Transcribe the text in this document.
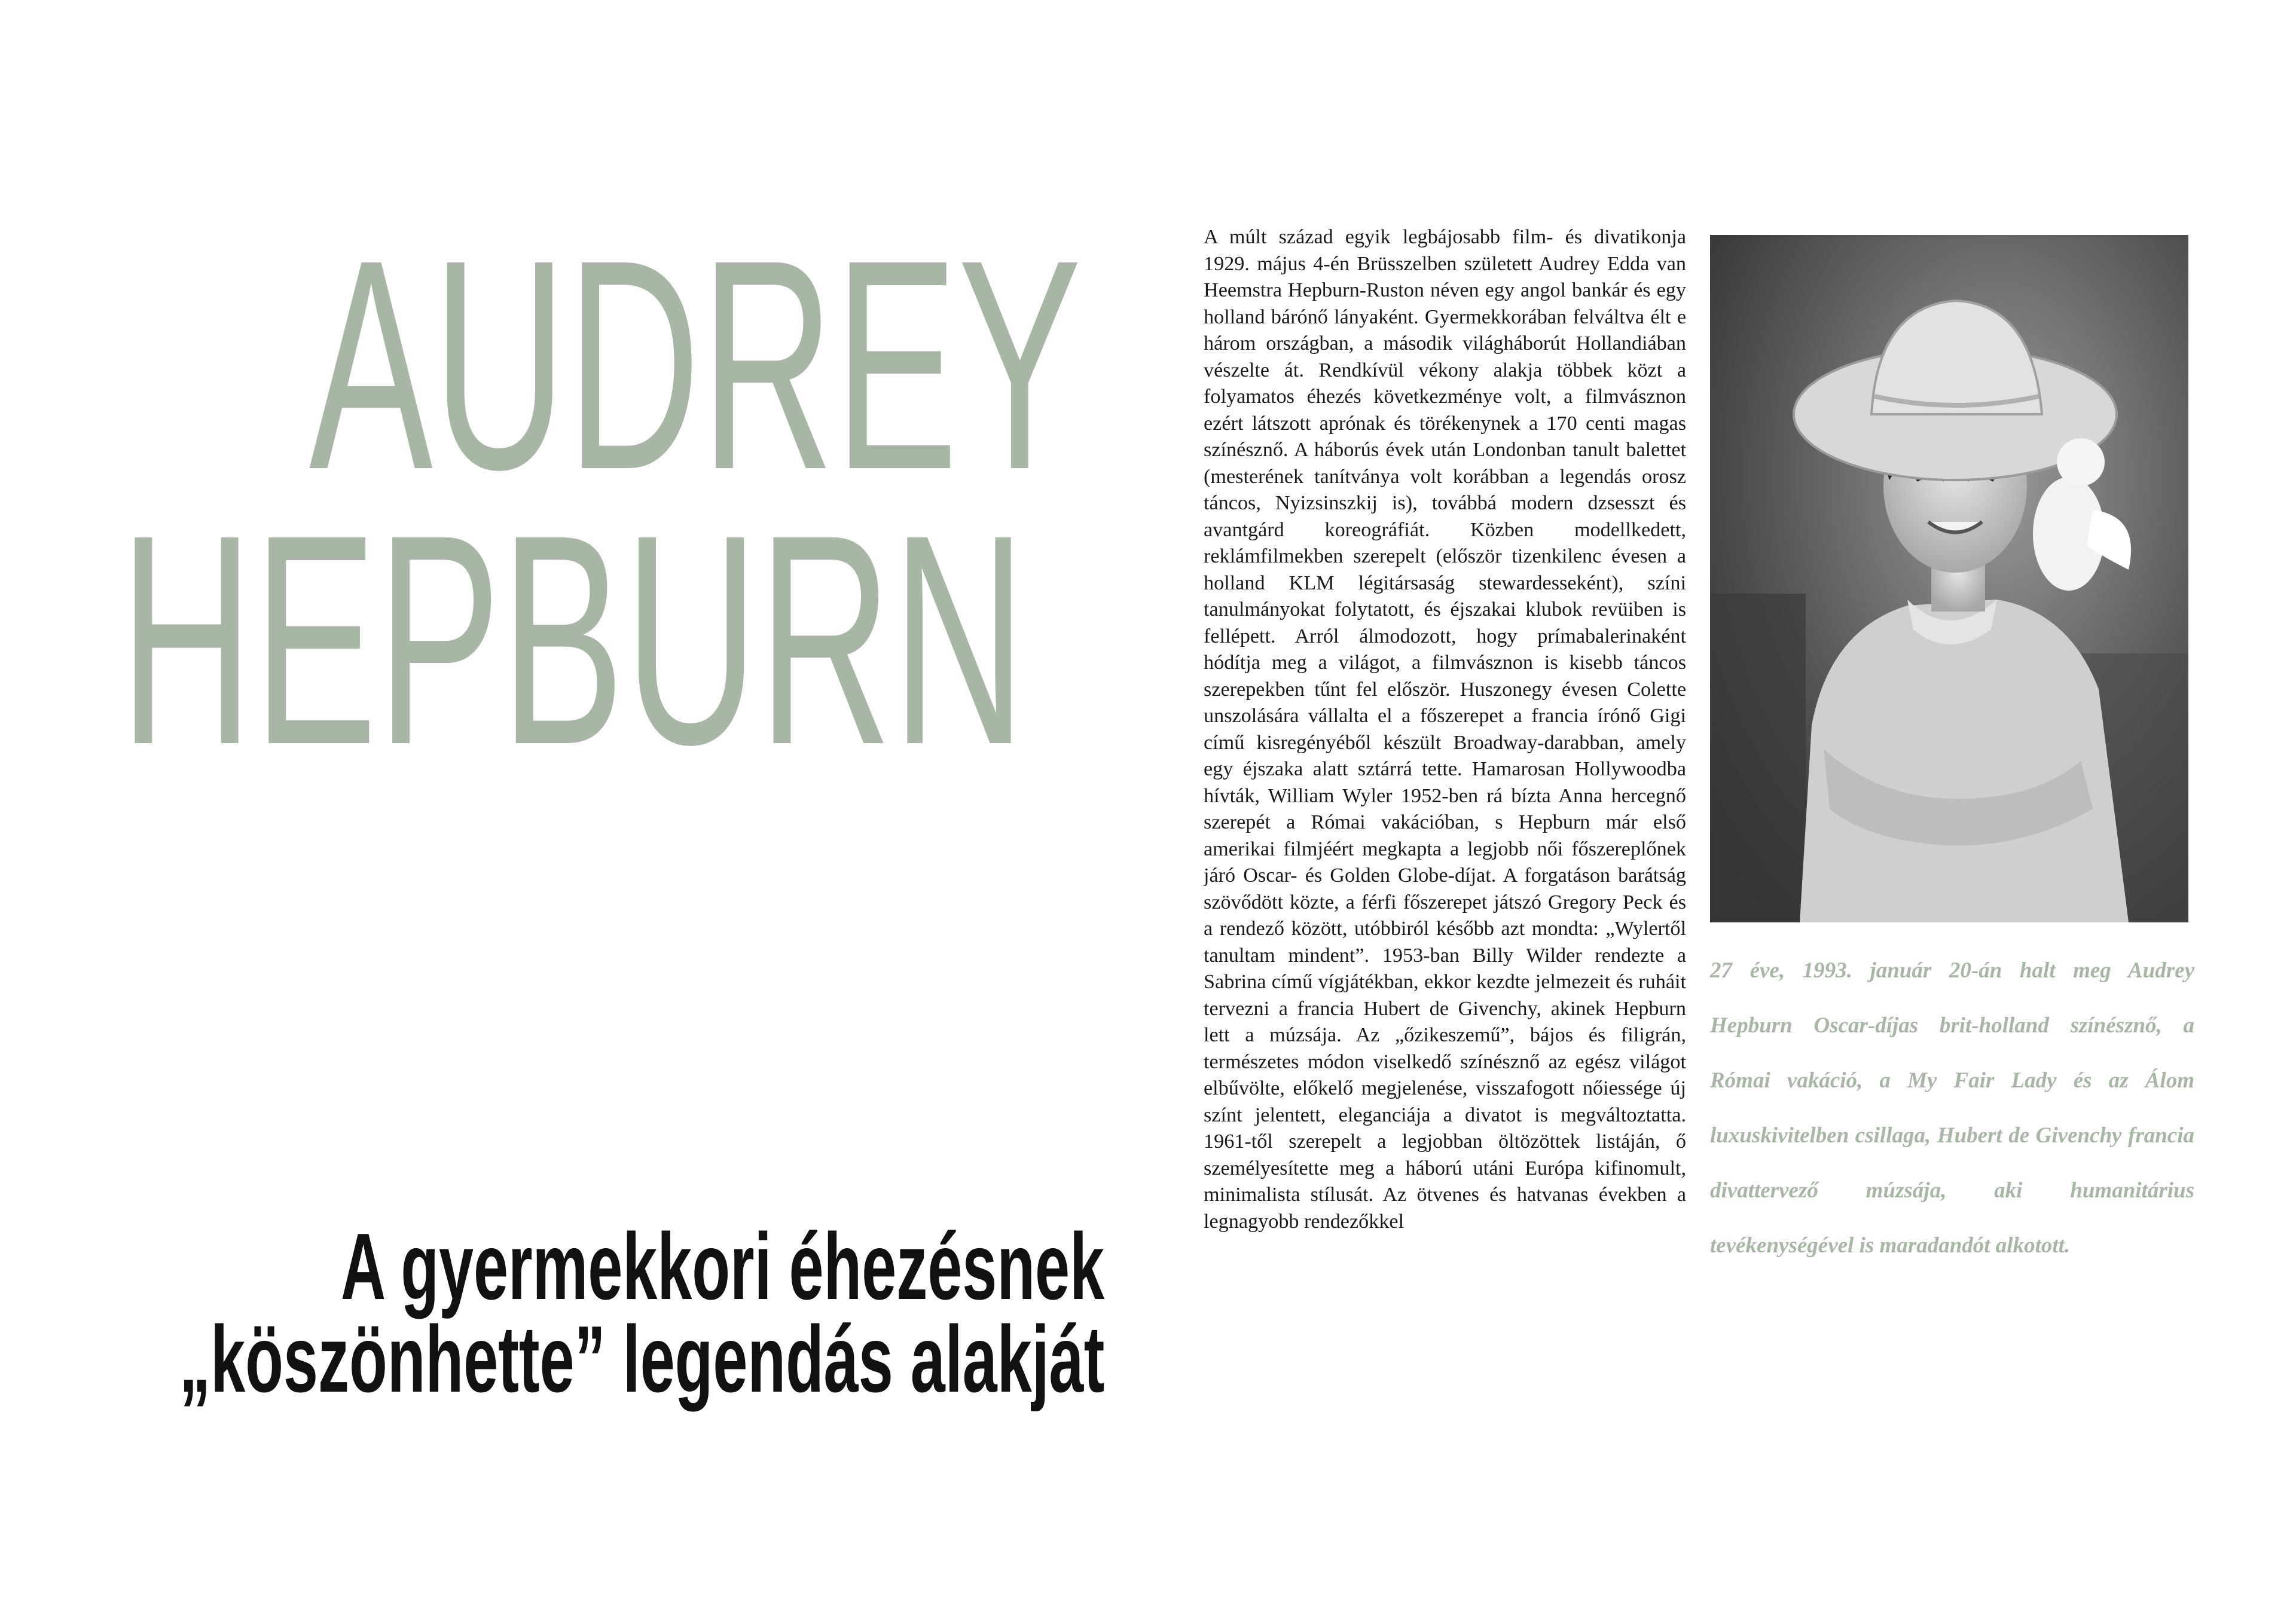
AUDREY
HEPBURN
A gyermekkori éhezésnek
„köszönhette” legendás alakját
A múlt század egyik legbájosabb film- és divatikonja 1929. május 4-én Brüsszelben született Audrey Edda van Heemstra Hepburn-Ruston néven egy angol bankár és egy holland bárónő lányaként. Gyermekkorában felváltva élt e három országban, a második világháborút Hollandiában vészelte át. Rendkívül vékony alakja többek közt a folyamatos éhezés következménye volt, a filmvásznon ezért látszott aprónak és törékenynek a 170 centi magas színésznő. A háborús évek után Londonban tanult balettet (mesterének tanítványa volt korábban a legendás orosz táncos, Nyizsinszkij is), továbbá modern dzsesszt és avantgárd koreográfiát. Közben modellkedett, reklámfilmekben szerepelt (először tizenkilenc évesen a holland KLM légitársaság stewardesseként), színi tanulmányokat folytatott, és éjszakai klubok revüiben is fellépett. Arról álmodozott, hogy prímabalerinaként hódítja meg a világot, a filmvásznon is kisebb táncos szerepekben tűnt fel először. Huszonegy évesen Colette unszolására vállalta el a főszerepet a francia írónő Gigi című kisregényéből készült Broadway-darabban, amely egy éjszaka alatt sztárrá tette. Hamarosan Hollywoodba hívták, William Wyler 1952-ben rá bízta Anna hercegnő szerepét a Római vakációban, s Hepburn már első amerikai filmjéért megkapta a legjobb női főszereplőnek járó Oscar- és Golden Globe-díjat. A forgatáson barátság szövődött közte, a férfi főszerepet játszó Gregory Peck és a rendező között, utóbbiról később azt mondta: „Wylertől tanultam mindent”. 1953-ban Billy Wilder rendezte a Sabrina című vígjátékban, ekkor kezdte jelmezeit és ruháit tervezni a francia Hubert de Givenchy, akinek Hepburn lett a múzsája. Az „őzikeszemű”, bájos és filigrán, természetes módon viselkedő színésznő az egész világot elbűvölte, előkelő megjelenése, visszafogott nőiessége új színt jelentett, eleganciája a divatot is megváltoztatta. 1961-től szerepelt a legjobban öltözöttek listáján, ő személyesítette meg a háború utáni Európa kifinomult, minimalista stílusát. Az ötvenes és hatvanas években a legnagyobb rendezőkkel
27 éve, 1993. január 20-án halt meg Audrey Hepburn Oscar-díjas brit-holland színésznő, a Római vakáció, a My Fair Lady és az Álom luxuskivitelben csillaga, Hubert de Givenchy francia divattervező múzsája, aki humanitárius tevékenységével is maradandót alkotott.
